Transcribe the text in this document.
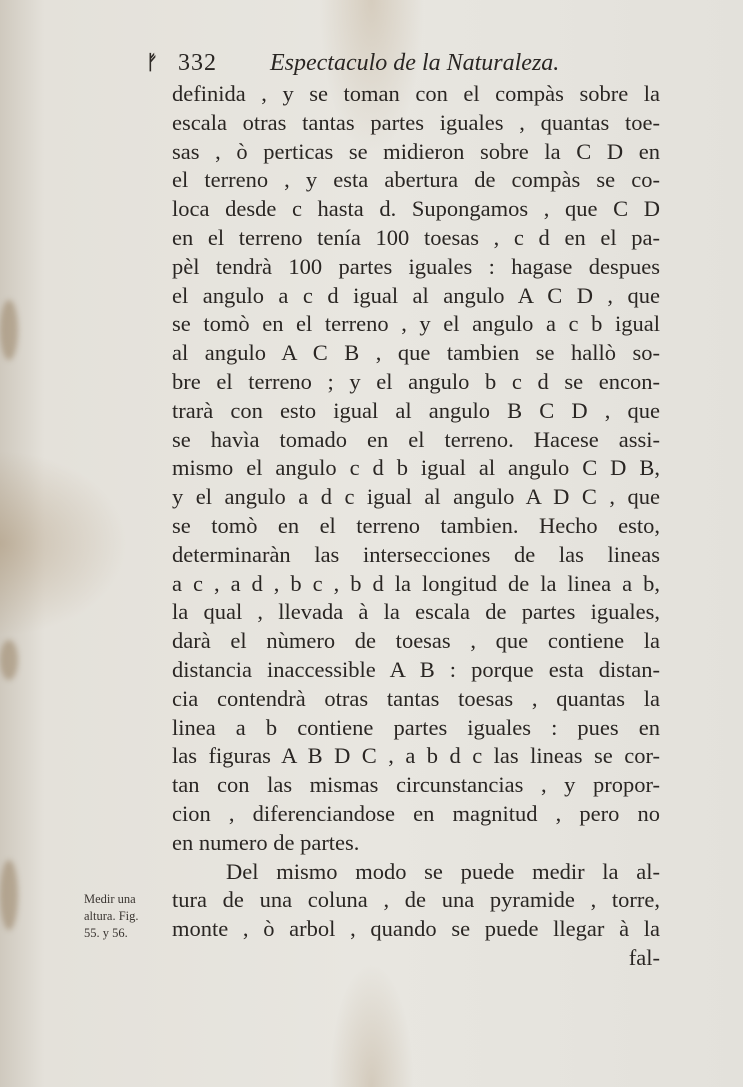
ᚠ 332 Espectaculo de la Naturaleza.
definida , y se toman con el compàs sobre la
escala otras tantas partes iguales , quantas toe-
sas , ò perticas se midieron sobre la C D en
el terreno , y esta abertura de compàs se co-
loca desde c hasta d. Supongamos , que C D
en el terreno tenía 100 toesas , c d en el pa-
pèl tendrà 100 partes iguales : hagase despues
el angulo a c d igual al angulo A C D , que
se tomò en el terreno , y el angulo a c b igual
al angulo A C B , que tambien se hallò so-
bre el terreno ; y el angulo b c d se encon-
trarà con esto igual al angulo B C D , que
se havìa tomado en el terreno. Hacese assi-
mismo el angulo c d b igual al angulo C D B,
y el angulo a d c igual al angulo A D C , que
se tomò en el terreno tambien. Hecho esto,
determinaràn las intersecciones de las lineas
a c , a d , b c , b d la longitud de la linea a b,
la qual , llevada à la escala de partes iguales,
darà el nùmero de toesas , que contiene la
distancia inaccessible A B : porque esta distan-
cia contendrà otras tantas toesas , quantas la
linea a b contiene partes iguales : pues en
las figuras A B D C , a b d c las lineas se cor-
tan con las mismas circunstancias , y propor-
cion , diferenciandose en magnitud , pero no
en numero de partes.
Del mismo modo se puede medir la al-
tura de una coluna , de una pyramide , torre,
monte , ò arbol , quando se puede llegar à la
fal-
Medir una
altura. Fig.
55. y 56.
